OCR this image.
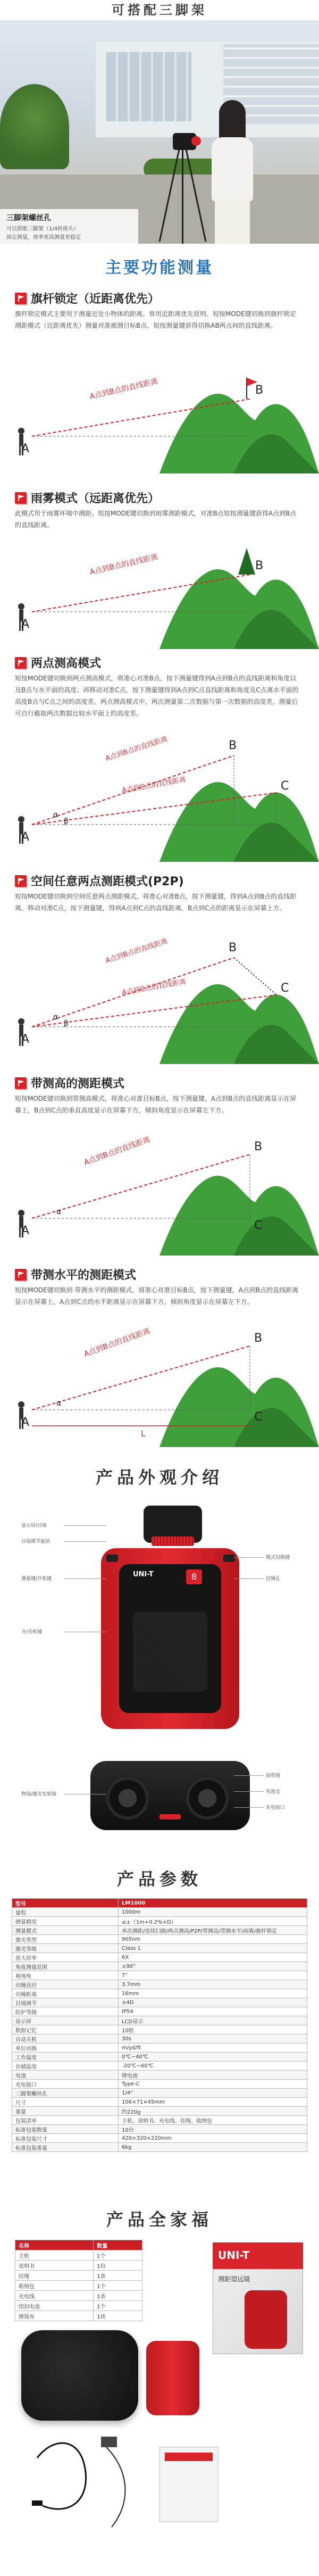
可搭配三脚架
三脚架螺丝孔
可以搭配三脚架（1/4转接头）
固定测量，效率更高测量更稳定
主要功能测量
旗杆锁定（近距离优先）
旗杆锁定模式主要用于测量近处小物体的距离。常用近距离优先原则。短按MODE键切换到旗杆锁定测距模式（近距离优先）测量对准被测目标B点，短按测量键获得切换AB两点间的直线距离。
A
B
A点到B点的直线距离
雨雾模式（远距离优先）
此模式用于雨雾环境中测距。短按MODE键切换到雨雾测距模式，对准B点短按测量键获得A点到B点的直线距离。
A
B
A点到B点的直线距离
两点测高模式
短按MODE键切换到两点测高模式，将准心对准B点，按下测量键得到A点到B点的直线距离和角度以及B点与水平面的高度；再移动对准C点，按下测量键得到A点到C点直线距离和角度及C点离水平面的高度B点与C点之间的高度差。两点测高模式中，两次测量第二次数据与第一次数据的高度差，测量后可自行截取两次数据比较水平面上的高度差。
A
B
C
A点到B点的直线距离
A点到C点的直线距离
α
β
空间任意两点测距模式(P2P)
短按MODE键切换到空间任意两点测距模式，将准心对准B点，按下测量键，得到A点到B点的直线距离，移动对准C点，按下测量键，得到A点到C点的直线距离，B点到C点的距离显示在屏幕上方。
A
B
C
A点到B点的直线距离
A点到C点的直线距离
α
β
带测高的测距模式
短按MODE键切换到带测高模式，将准心对准目标B点，按下测量键，A点到B点的直线距离显示在屏幕上，B点到C点的垂直高度显示在屏幕下方，倾斜角度显示在屏幕左下方。
A
B
C
A点到B点的直线距离
α
带测水平的测距模式
短按MODE键切换到 带测水平的测距模式，将准心对准目标B点，按下测量键，A点到B点的直线距离显示在屏幕上，A点到C点的水平距离显示在屏幕下方，倾斜角度显示在屏幕左下方。
A
B
C
A点到B点的直线距离
α
L
产品外观介绍
UNI-T	8
显示屏/目镜
目镜调节旋钮
测量键/开机键
开/关机键
模式切换键
挂绳孔
物镜/激光发射镜
接收镜
电池仓
充电接口
产品参数
型号	LM1000
量程	1000m
测量精度	≤±（1m+0.2%×D）
测量模式	单次测距/连续扫描/两点测高/P2P/带测高/带测水平/雨雾/旗杆锁定
激光类型	905nm
激光等级	Class 1
放大倍率	6X
角度测量范围	±90°
视场角	7°
出瞳直径	3.7mm
出瞳距离	16mm
目镜调节	±4D
防护等级	IP54
显示屏	LCD显示
数据记忆	10组
自动关机	30s
单位切换	m/yd/ft
工作温度	0℃~40℃
存储温度	-20℃~60℃
电池	锂电池
充电接口	Type-C
三脚架螺丝孔	1/4"
尺寸	106×71×45mm
重量	约220g
包装清单	主机、说明书、充电线、挂绳、收纳包
标准包装数量	10台
标准包装尺寸	420×320×220mm
标准包装重量	6kg
产品全家福
名称	数量
主机	1个
说明书	1份
挂绳	1条
收纳包	1个
充电线	1条
纽扣电池	1个
擦镜布	1块
UNI-T
测距望远镜
